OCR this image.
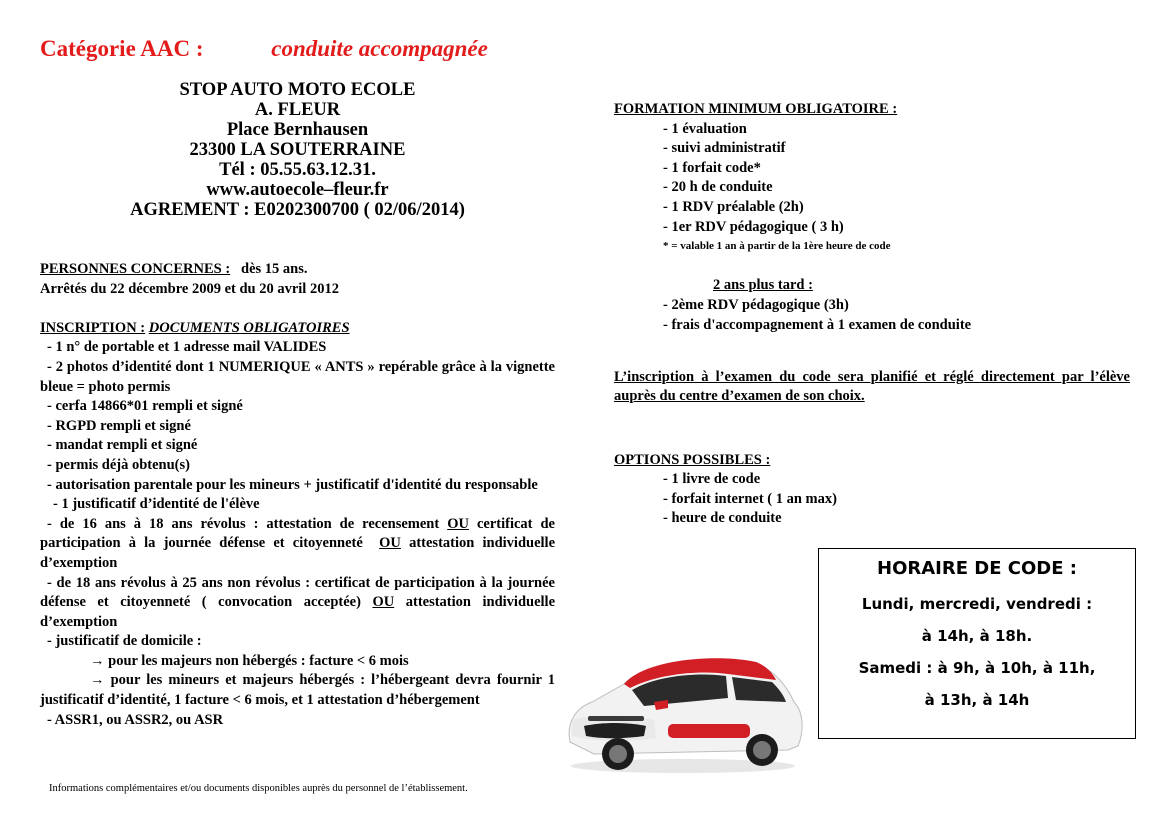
Catégorie AAC :	conduite accompagnée
STOP AUTO MOTO ECOLE
A. FLEUR
Place Bernhausen
23300 LA SOUTERRAINE
Tél : 05.55.63.12.31.
www.autoecole–fleur.fr
AGREMENT : E0202300700 ( 02/06/2014)

PERSONNES CONCERNES : dès 15 ans.

Arrêtés du 22 décembre 2009 et du 20 avril 2012

INSCRIPTION : DOCUMENTS OBLIGATOIRES

- 1 n° de portable et 1 adresse mail VALIDES

- 2 photos d’identité dont 1 NUMERIQUE « ANTS » repérable grâce à la vignette bleue = photo permis

- cerfa 14866*01 rempli et signé

- RGPD rempli et signé

- mandat rempli et signé

- permis déjà obtenu(s)

- autorisation parentale pour les mineurs + justificatif d'identité du responsable

- 1 justificatif d’identité de l'élève

- de 16 ans à 18 ans révolus : attestation de recensement OU certificat de participation à la journée défense et citoyenneté OU attestation individuelle d’exemption

- de 18 ans révolus à 25 ans non révolus : certificat de participation à la journée défense et citoyenneté ( convocation acceptée) OU attestation individuelle d’exemption

- justificatif de domicile :

→ pour les majeurs non hébergés : facture < 6 mois

→ pour les mineurs et majeurs hébergés : l’hébergeant devra fournir 1 justificatif d’identité, 1 facture < 6 mois, et 1 attestation d’hébergement

- ASSR1, ou ASSR2, ou ASR

Informations complémentaires et/ou documents disponibles auprès du personnel de l’établissement.

FORMATION MINIMUM OBLIGATOIRE :

- 1 évaluation

- suivi administratif

- 1 forfait code*

- 20 h de conduite

- 1 RDV préalable (2h)

- 1er RDV pédagogique ( 3 h)

* = valable 1 an à partir de la 1ère heure de code

2 ans plus tard :

- 2ème RDV pédagogique (3h)

- frais d'accompagnement à 1 examen de conduite

L’inscription à l’examen du code sera planifié et réglé directement par l’élève auprès du centre d’examen de son choix.

OPTIONS POSSIBLES :

- 1 livre de code

- forfait internet ( 1 an max)

- heure de conduite

HORAIRE DE CODE :
Lundi, mercredi, vendredi :
à 14h, à 18h.
Samedi : à 9h, à 10h, à 11h,
à 13h, à 14h
